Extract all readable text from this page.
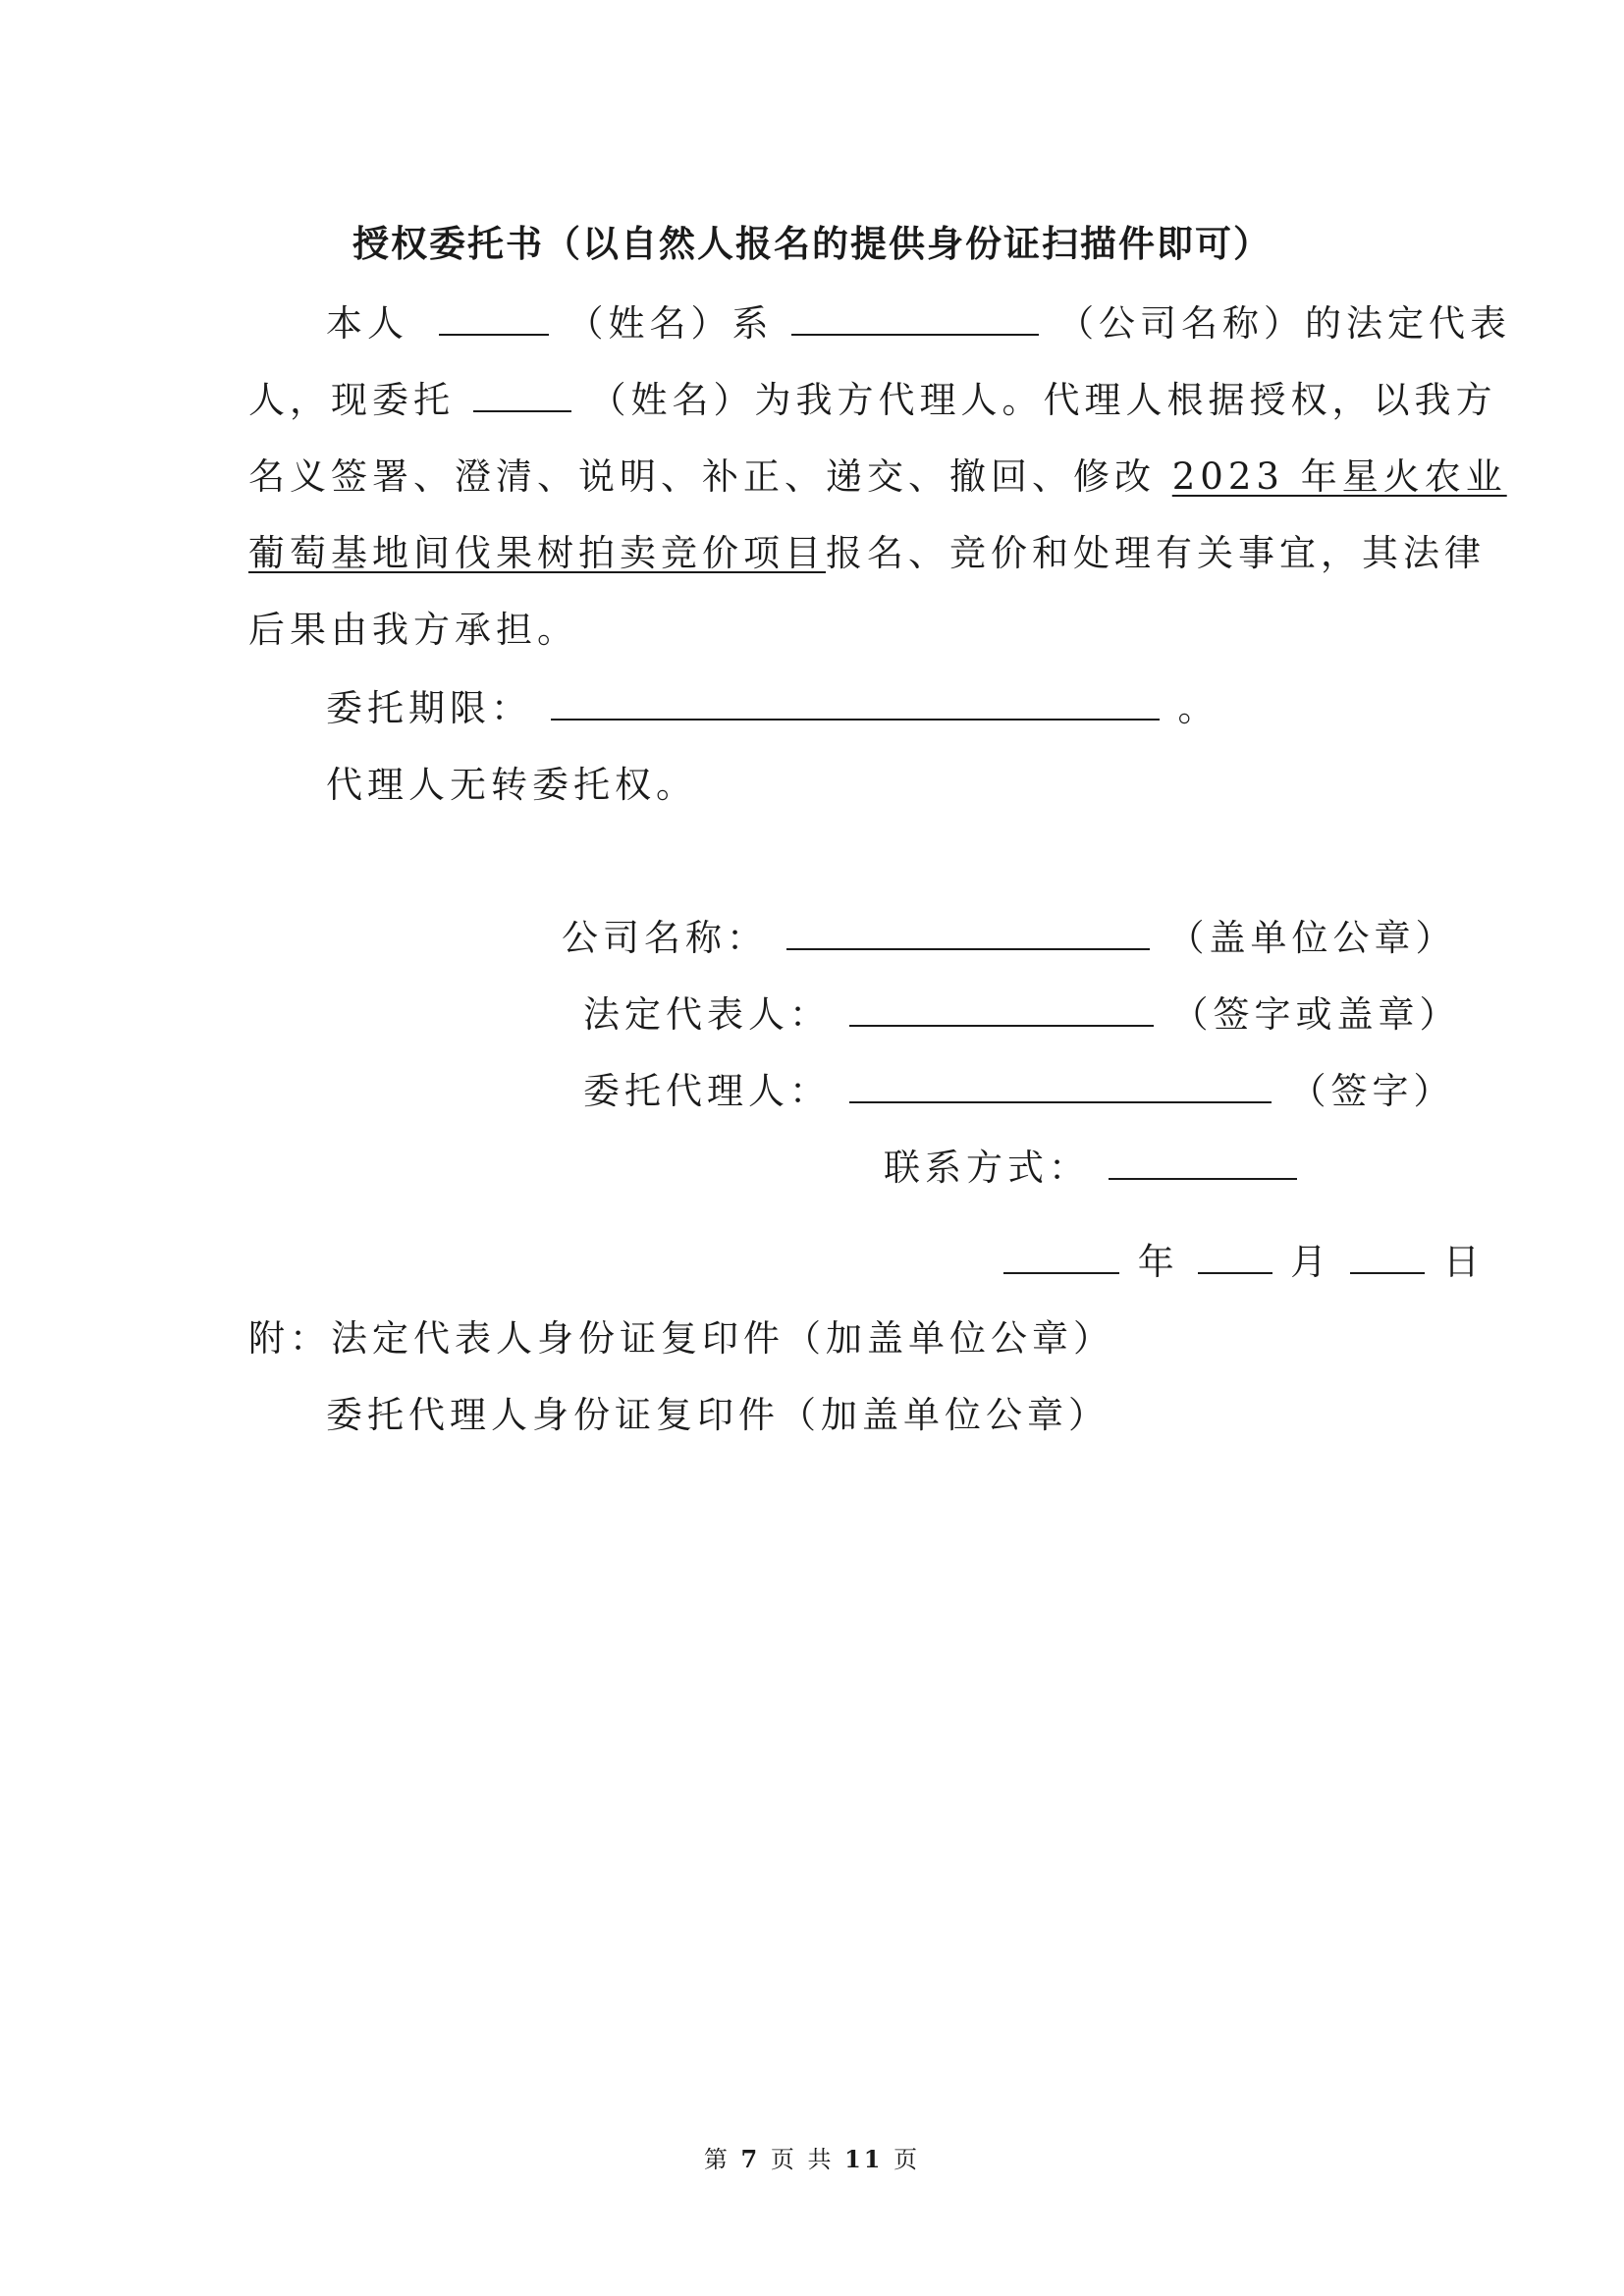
授权委托书（以自然人报名的提供身份证扫描件即可）
本人	（姓名）系	（公司名称）的法定代表
人，现委托	（姓名）为我方代理人。代理人根据授权，以我方
名义签署、澄清、说明、补正、递交、撤回、修改 2023 年星火农业
葡萄基地间伐果树拍卖竞价项目报名、竞价和处理有关事宜，其法律
后果由我方承担。
委托期限：	。
代理人无转委托权。
公司名称：	（盖单位公章）
法定代表人：	（签字或盖章）
委托代理人：	（签字）
联系方式：
年	月	日
附：法定代表人身份证复印件（加盖单位公章）
委托代理人身份证复印件（加盖单位公章）
第 7 页 共 11 页
